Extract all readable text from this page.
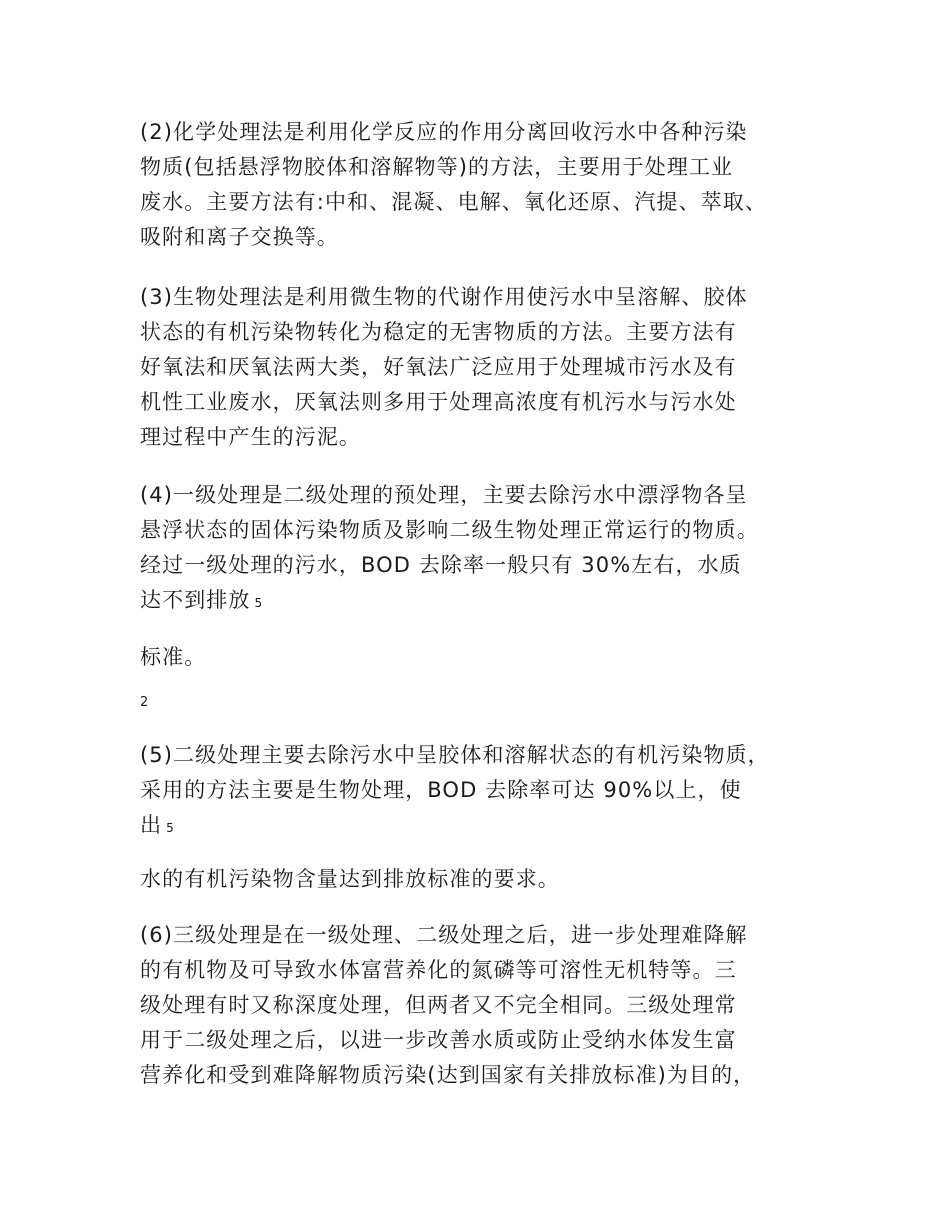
(2)化学处理法是利用化学反应的作用分离回收污水中各种污染
物质(包括悬浮物胶体和溶解物等)的方法，主要用于处理工业
废水。主要方法有:中和、混凝、电解、氧化还原、汽提、萃取、
吸附和离子交换等。

(3)生物处理法是利用微生物的代谢作用使污水中呈溶解、胶体
状态的有机污染物转化为稳定的无害物质的方法。主要方法有
好氧法和厌氧法两大类，好氧法广泛应用于处理城市污水及有
机性工业废水，厌氧法则多用于处理高浓度有机污水与污水处
理过程中产生的污泥。

(4)一级处理是二级处理的预处理，主要去除污水中漂浮物各呈
悬浮状态的固体污染物质及影响二级生物处理正常运行的物质。
经过一级处理的污水，BOD 去除率一般只有 30%左右，水质
达不到排放 5

标准。

2

(5)二级处理主要去除污水中呈胶体和溶解状态的有机污染物质，
采用的方法主要是生物处理，BOD 去除率可达 90%以上，使
出 5

水的有机污染物含量达到排放标准的要求。

(6)三级处理是在一级处理、二级处理之后，进一步处理难降解
的有机物及可导致水体富营养化的氮磷等可溶性无机特等。三
级处理有时又称深度处理，但两者又不完全相同。三级处理常
用于二级处理之后，以进一步改善水质或防止受纳水体发生富
营养化和受到难降解物质污染(达到国家有关排放标准)为目的，
